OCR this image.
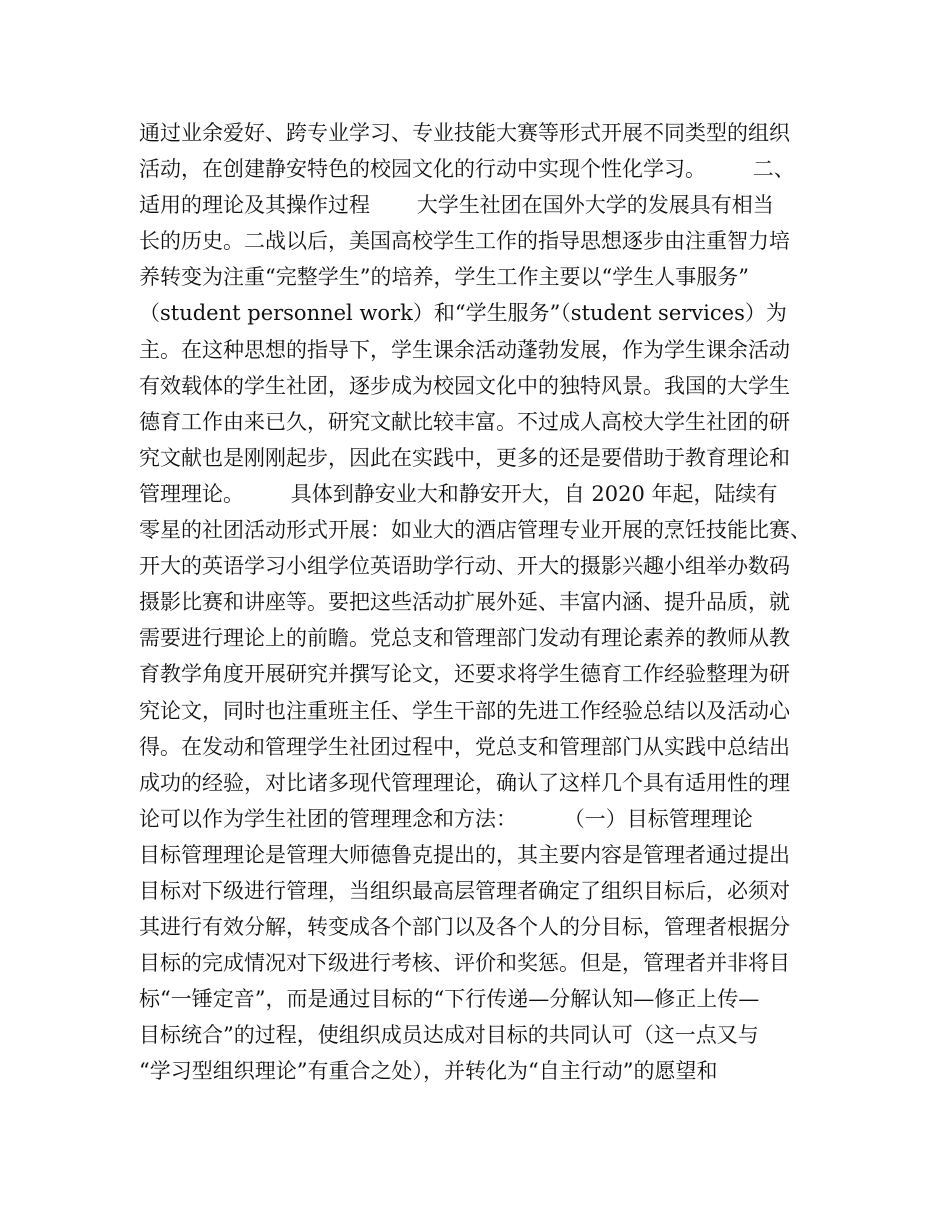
通过业余爱好、跨专业学习、专业技能大赛等形式开展不同类型的组织
活动，在创建静安特色的校园文化的行动中实现个性化学习。       二、
适用的理论及其操作过程       大学生社团在国外大学的发展具有相当
长的历史。二战以后，美国高校学生工作的指导思想逐步由注重智力培
养转变为注重“完整学生”的培养，学生工作主要以“学生人事服务”
（student personnel work）和“学生服务”（student services）为
主。在这种思想的指导下，学生课余活动蓬勃发展，作为学生课余活动
有效载体的学生社团，逐步成为校园文化中的独特风景。我国的大学生
德育工作由来已久，研究文献比较丰富。不过成人高校大学生社团的研
究文献也是刚刚起步，因此在实践中，更多的还是要借助于教育理论和
管理理论。       具体到静安业大和静安开大，自 2020 年起，陆续有
零星的社团活动形式开展：如业大的酒店管理专业开展的烹饪技能比赛、
开大的英语学习小组学位英语助学行动、开大的摄影兴趣小组举办数码
摄影比赛和讲座等。要把这些活动扩展外延、丰富内涵、提升品质，就
需要进行理论上的前瞻。党总支和管理部门发动有理论素养的教师从教
育教学角度开展研究并撰写论文，还要求将学生德育工作经验整理为研
究论文，同时也注重班主任、学生干部的先进工作经验总结以及活动心
得。在发动和管理学生社团过程中，党总支和管理部门从实践中总结出
成功的经验，对比诸多现代管理理论，确认了这样几个具有适用性的理
论可以作为学生社团的管理理念和方法：       （一）目标管理理论
目标管理理论是管理大师德鲁克提出的，其主要内容是管理者通过提出
目标对下级进行管理，当组织最高层管理者确定了组织目标后，必须对
其进行有效分解，转变成各个部门以及各个人的分目标，管理者根据分
目标的完成情况对下级进行考核、评价和奖惩。但是，管理者并非将目
标“一锤定音”，而是通过目标的“下行传递—分解认知—修正上传—
目标统合”的过程，使组织成员达成对目标的共同认可（这一点又与
“学习型组织理论”有重合之处），并转化为“自主行动”的愿望和
